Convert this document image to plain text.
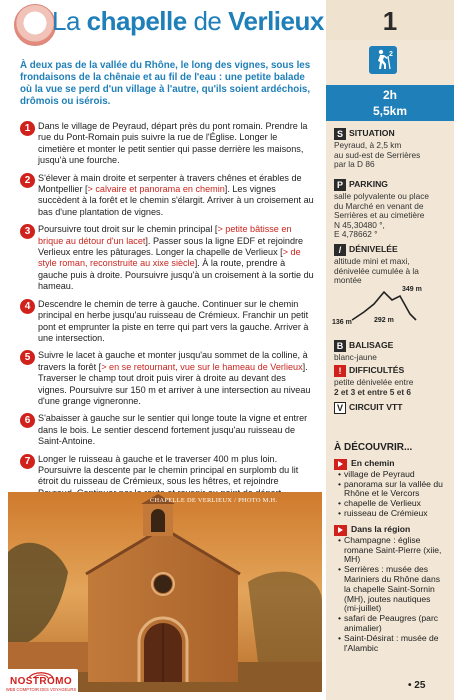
1
La chapelle de Verlieux
2
2h
5,5km
S SITUATION
Peyraud, à 2,5 km
au sud-est de Serrières
par la D 86
P PARKING
salle polyvalente ou place
du Marché en venant de
Serrières et au cimetière
N 45,30480 °,
E 4,78662 °
/ DÉNIVELÉE
altitude mini et maxi,
dénivelée cumulée à la
montée
349 m
136 m	292 m
B BALISAGE
blanc-jaune
! DIFFICULTÉS
petite dénivelée entre
2 et 3 et entre 5 et 6
V CIRCUIT VTT
À DÉCOUVRIR...
En chemin
• village de Peyraud
• panorama sur la vallée du Rhône et le Vercors
• chapelle de Verlieux
• ruisseau de Crémieux
Dans la région
• Champagne : église romane Saint-Pierre (xiie, MH)
• Serrières : musée des Mariniers du Rhône dans la chapelle Saint-Sornin (MH), joutes nautiques (mi-juillet)
• safari de Peaugres (parc animalier)
• Saint-Désirat : musée de l'Alambic
• 25
À deux pas de la vallée du Rhône, le long des vignes, sous les frondaisons de la chênaie et au fil de l'eau : une petite balade où la vue se perd d'un village à l'autre, qu'ils soient ardéchois, drômois ou isérois.
1 Dans le village de Peyraud, départ près du pont romain. Prendre la rue du Pont-Romain puis suivre la rue de l'Église. Longer le cimetière et monter le petit sentier qui passe derrière les maisons, jusqu'à une fourche.
2 S'élever à main droite et serpenter à travers chênes et érables de Montpellier [> calvaire et panorama en chemin]. Les vignes succèdent à la forêt et le chemin s'élargit. Arriver à un croisement au bas d'une plantation de vignes.
3 Poursuivre tout droit sur le chemin principal [> petite bâtisse en brique au détour d'un lacet]. Passer sous la ligne EDF et rejoindre Verlieux entre les pâturages. Longer la chapelle de Verlieux [> de style roman, reconstruite au xixe siècle]. À la route, prendre à gauche puis à droite. Poursuivre jusqu'à un croisement à la sortie du hameau.
4 Descendre le chemin de terre à gauche. Continuer sur le chemin principal en herbe jusqu'au ruisseau de Crémieux. Franchir un petit pont et emprunter la piste en terre qui part vers la gauche. Arriver à une intersection.
5 Suivre le lacet à gauche et monter jusqu'au sommet de la colline, à travers la forêt [> en se retournant, vue sur le hameau de Verlieux]. Traverser le champ tout droit puis virer à droite au devant des vignes. Poursuivre sur 150 m et arriver à une intersection au niveau d'une grange vigneronne.
6 S'abaisser à gauche sur le sentier qui longe toute la vigne et entrer dans le bois. Le sentier descend fortement jusqu'au ruisseau de Saint-Antoine.
7 Longer le ruisseau à gauche et le traverser 400 m plus loin. Poursuivre la descente par le chemin principal en surplomb du lit étroit du ruisseau de Crémieux, sous les hêtres, et rejoindre
CHAPELLE DE VERLIEUX / PHOTO M.H.
NOSTROMO
WEB COMPTOIR DES VOYAGEURS
